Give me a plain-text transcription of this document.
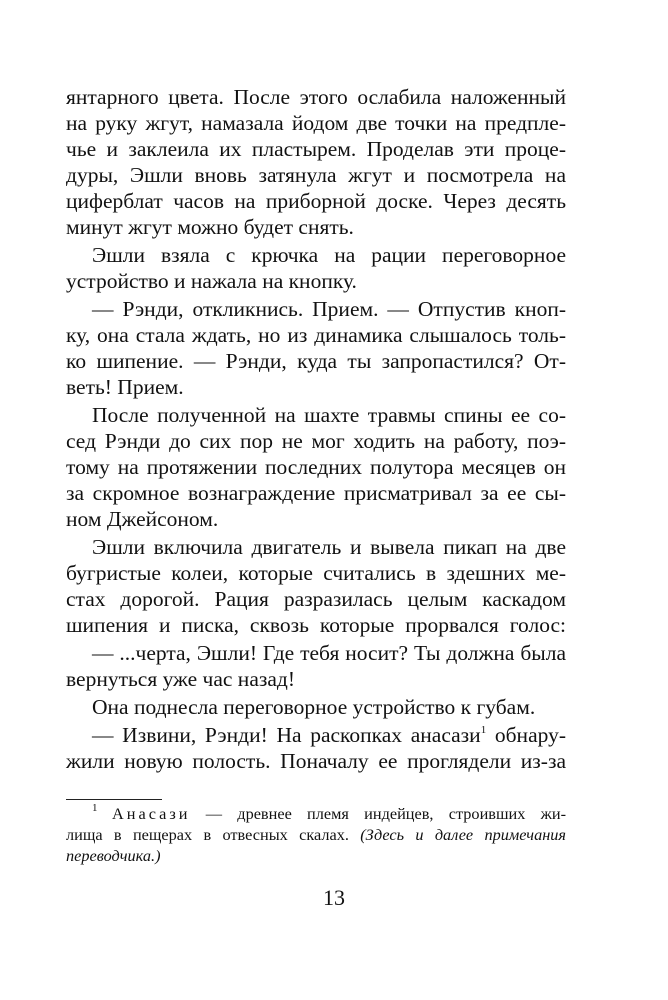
янтарного цвета. После этого ослабила наложенный
на руку жгут, намазала йодом две точки на предпле-
чье и заклеила их пластырем. Проделав эти проце-
дуры, Эшли вновь затянула жгут и посмотрела на
циферблат часов на приборной доске. Через десять
минут жгут можно будет снять.
Эшли взяла с крючка на рации переговорное
устройство и нажала на кнопку.
— Рэнди, откликнись. Прием. — Отпустив кноп-
ку, она стала ждать, но из динамика слышалось толь-
ко шипение. — Рэнди, куда ты запропастился? От-
веть! Прием.
После полученной на шахте травмы спины ее со-
сед Рэнди до сих пор не мог ходить на работу, поэ-
тому на протяжении последних полутора месяцев он
за скромное вознаграждение присматривал за ее сы-
ном Джейсоном.
Эшли включила двигатель и вывела пикап на две
бугристые колеи, которые считались в здешних ме-
стах дорогой. Рация разразилась целым каскадом
шипения и писка, сквозь которые прорвался голос:
— ...черта, Эшли! Где тебя носит? Ты должна была
вернуться уже час назад!
Она поднесла переговорное устройство к губам.
— Извини, Рэнди! На раскопках анасази$^1$ обнару-
жили новую полость. Поначалу ее проглядели из-за
1 Анасази — древнее племя индейцев, строивших жи-
лища в пещерах в отвесных скалах. (Здесь и далее примечания
переводчика.)
13
